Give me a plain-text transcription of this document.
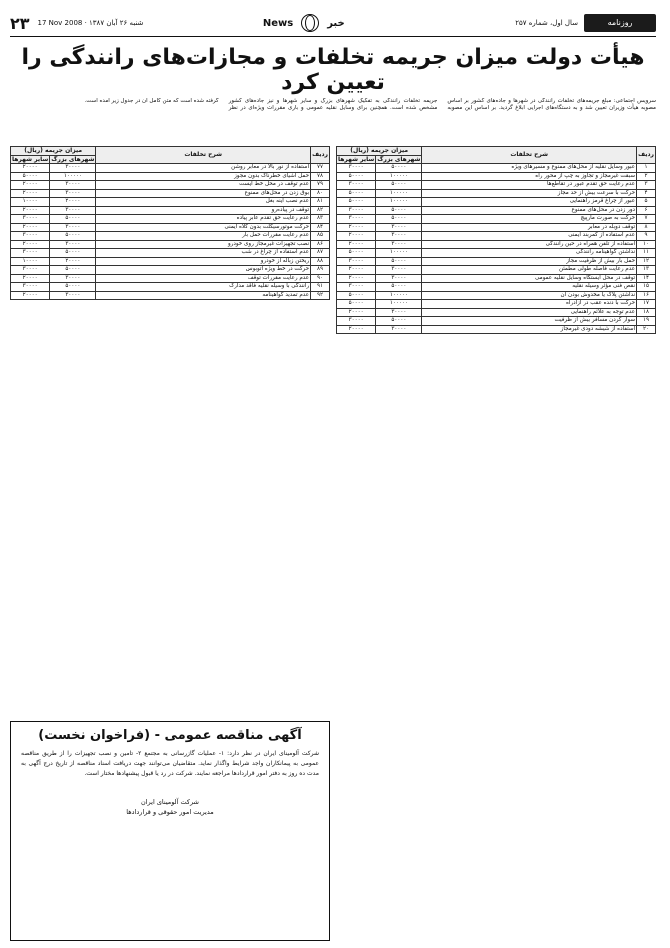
۲۳	17 Nov 2008 · ۱۳۸۷ شنبه ۲۶ آبان	News	خبر	سال اول، شماره ۲۵۷	روزنامه
هیأت دولت میزان جریمه تخلفات و مجازات‌های رانندگی را تعیین کرد
سرویس اجتماعی: مبلغ جریمه‌های تخلفات رانندگی در شهرها و جاده‌های کشور بر اساس مصوبه هیأت وزیران تعیین شد و به دستگاه‌های اجرایی ابلاغ گردید. بر اساس این مصوبه جریمه تخلفات رانندگی به تفکیک شهرهای بزرگ و سایر شهرها و نیز جاده‌های کشور مشخص شده است. همچنین برای وسایل نقلیه عمومی و باری مقررات ویژه‌ای در نظر گرفته شده است که متن کامل آن در جدول زیر آمده است.
ردیف	شرح تخلفات	میزان جریمه (ریال)	
		شهرهای بزرگ	سایر شهرها
۱	عبور وسایل نقلیه از محل‌های ممنوع و مسیرهای ویژه	۵۰۰۰۰	۳۰۰۰۰
۲	سبقت غیرمجاز و تجاوز به چپ از محور راه	۱۰۰۰۰۰	۵۰۰۰۰
۳	عدم رعایت حق تقدم عبور در تقاطع‌ها	۵۰۰۰۰	۳۰۰۰۰
۴	حرکت با سرعت بیش از حد مجاز	۱۰۰۰۰۰	۵۰۰۰۰
۵	عبور از چراغ قرمز راهنمایی	۱۰۰۰۰۰	۵۰۰۰۰
۶	دور زدن در محل‌های ممنوع	۵۰۰۰۰	۳۰۰۰۰
۷	حرکت به صورت مارپیچ	۵۰۰۰۰	۳۰۰۰۰
۸	توقف دوبله در معابر	۳۰۰۰۰	۲۰۰۰۰
۹	عدم استفاده از کمربند ایمنی	۳۰۰۰۰	۲۰۰۰۰
۱۰	استفاده از تلفن همراه در حین رانندگی	۳۰۰۰۰	۲۰۰۰۰
۱۱	نداشتن گواهینامه رانندگی	۱۰۰۰۰۰	۵۰۰۰۰
۱۲	حمل بار بیش از ظرفیت مجاز	۵۰۰۰۰	۳۰۰۰۰
۱۳	عدم رعایت فاصله طولی مطمئن	۳۰۰۰۰	۲۰۰۰۰
۱۴	توقف در محل ایستگاه وسایل نقلیه عمومی	۳۰۰۰۰	۲۰۰۰۰
۱۵	نقص فنی مؤثر وسیله نقلیه	۵۰۰۰۰	۳۰۰۰۰
۱۶	نداشتن پلاک یا مخدوش بودن آن	۱۰۰۰۰۰	۵۰۰۰۰
۱۷	حرکت با دنده عقب در آزادراه	۱۰۰۰۰۰	۵۰۰۰۰
۱۸	عدم توجه به علائم راهنمایی	۳۰۰۰۰	۲۰۰۰۰
۱۹	سوار کردن مسافر بیش از ظرفیت	۵۰۰۰۰	۳۰۰۰۰
۲۰	استفاده از شیشه دودی غیرمجاز	۳۰۰۰۰	۲۰۰۰۰
ردیف	شرح تخلفات	میزان جریمه (ریال)	
		شهرهای بزرگ	سایر شهرها
۷۷	استفاده از نور بالا در معابر روشن	۳۰۰۰۰	۲۰۰۰۰
۷۸	حمل اشیای خطرناک بدون مجوز	۱۰۰۰۰۰	۵۰۰۰۰
۷۹	عدم توقف در محل خط ایست	۳۰۰۰۰	۲۰۰۰۰
۸۰	بوق زدن در محل‌های ممنوع	۳۰۰۰۰	۲۰۰۰۰
۸۱	عدم نصب آینه بغل	۲۰۰۰۰	۱۰۰۰۰
۸۲	توقف در پیاده‌رو	۳۰۰۰۰	۲۰۰۰۰
۸۳	عدم رعایت حق تقدم عابر پیاده	۵۰۰۰۰	۳۰۰۰۰
۸۴	حرکت موتورسیکلت بدون کلاه ایمنی	۳۰۰۰۰	۲۰۰۰۰
۸۵	عدم رعایت مقررات حمل بار	۵۰۰۰۰	۳۰۰۰۰
۸۶	نصب تجهیزات غیرمجاز روی خودرو	۳۰۰۰۰	۲۰۰۰۰
۸۷	عدم استفاده از چراغ در شب	۵۰۰۰۰	۳۰۰۰۰
۸۸	ریختن زباله از خودرو	۲۰۰۰۰	۱۰۰۰۰
۸۹	حرکت در خط ویژه اتوبوس	۵۰۰۰۰	۳۰۰۰۰
۹۰	عدم رعایت مقررات توقف	۳۰۰۰۰	۲۰۰۰۰
۹۱	رانندگی با وسیله نقلیه فاقد مدارک	۵۰۰۰۰	۳۰۰۰۰
۹۲	عدم تمدید گواهینامه	۳۰۰۰۰	۲۰۰۰۰
آگهی مناقصه عمومی - (فراخوان نخست)
شرکت آلومینای ایران در نظر دارد: ۱- عملیات گازرسانی به مجتمع ۲- تامین و نصب تجهیزات را از طریق مناقصه عمومی به پیمانکاران واجد شرایط واگذار نماید. متقاضیان می‌توانند جهت دریافت اسناد مناقصه از تاریخ درج آگهی به مدت ده روز به دفتر امور قراردادها مراجعه نمایند. شرکت در رد یا قبول پیشنهادها مختار است.
شرکت آلومینای ایران
مدیریت امور حقوقی و قراردادها
